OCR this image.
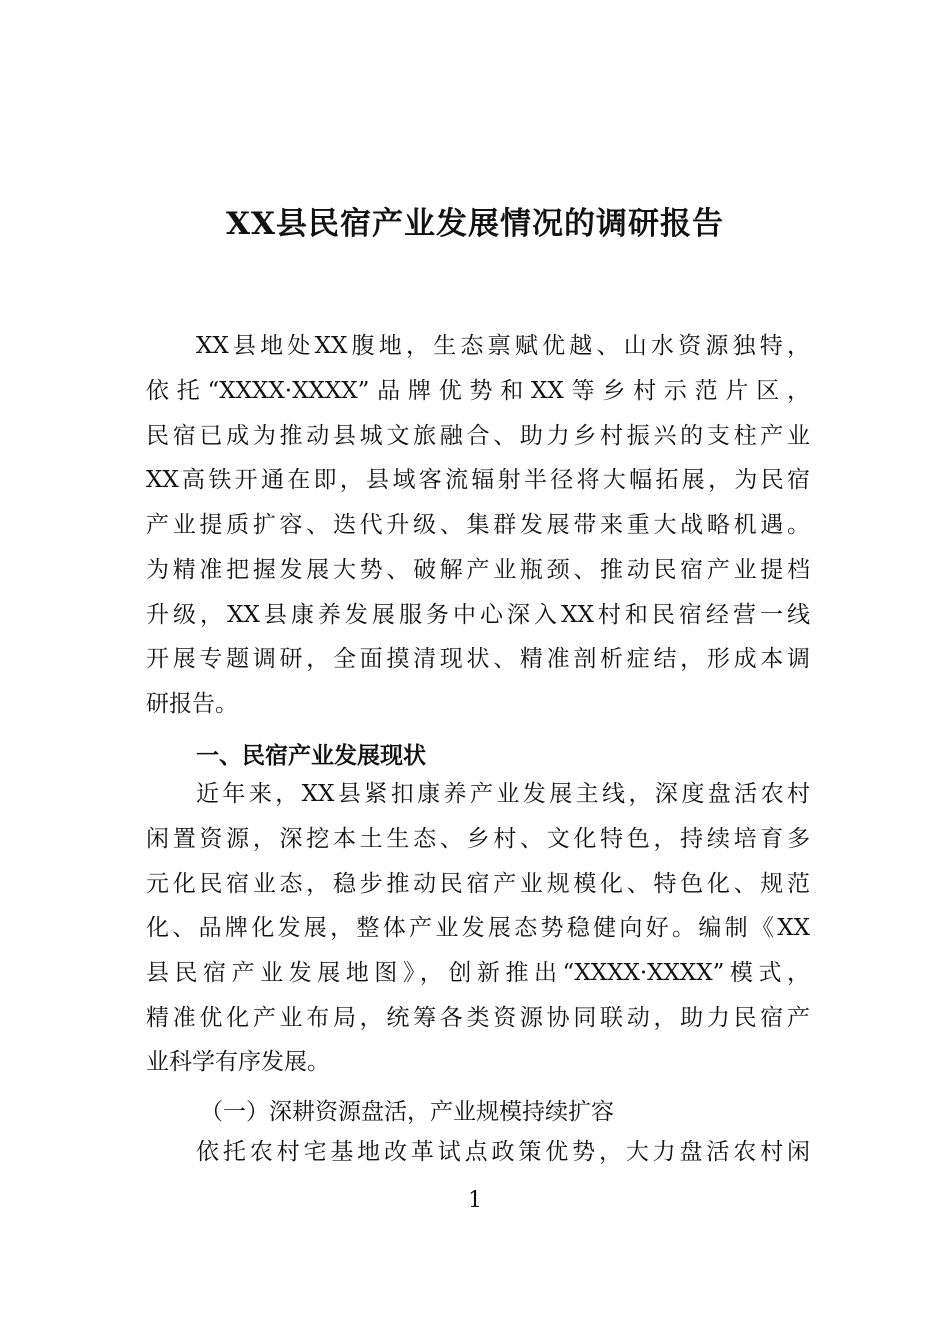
XX县民宿产业发展情况的调研报告
XX县地处XX腹地，生态禀赋优越、山水资源独特，
依托“XXXX·XXXX”品牌优势和XX等乡村示范片区，
民宿已成为推动县城文旅融合、助力乡村振兴的支柱产业
XX高铁开通在即，县域客流辐射半径将大幅拓展，为民宿
产业提质扩容、迭代升级、集群发展带来重大战略机遇。
为精准把握发展大势、破解产业瓶颈、推动民宿产业提档
升级，XX县康养发展服务中心深入XX村和民宿经营一线
开展专题调研，全面摸清现状、精准剖析症结，形成本调
研报告。
一、民宿产业发展现状
近年来，XX县紧扣康养产业发展主线，深度盘活农村
闲置资源，深挖本土生态、乡村、文化特色，持续培育多
元化民宿业态，稳步推动民宿产业规模化、特色化、规范
化、品牌化发展，整体产业发展态势稳健向好。编制《XX
县民宿产业发展地图》，创新推出“XXXX·XXXX”模式，
精准优化产业布局，统筹各类资源协同联动，助力民宿产
业科学有序发展。
（一）深耕资源盘活，产业规模持续扩容
依托农村宅基地改革试点政策优势，大力盘活农村闲
1
